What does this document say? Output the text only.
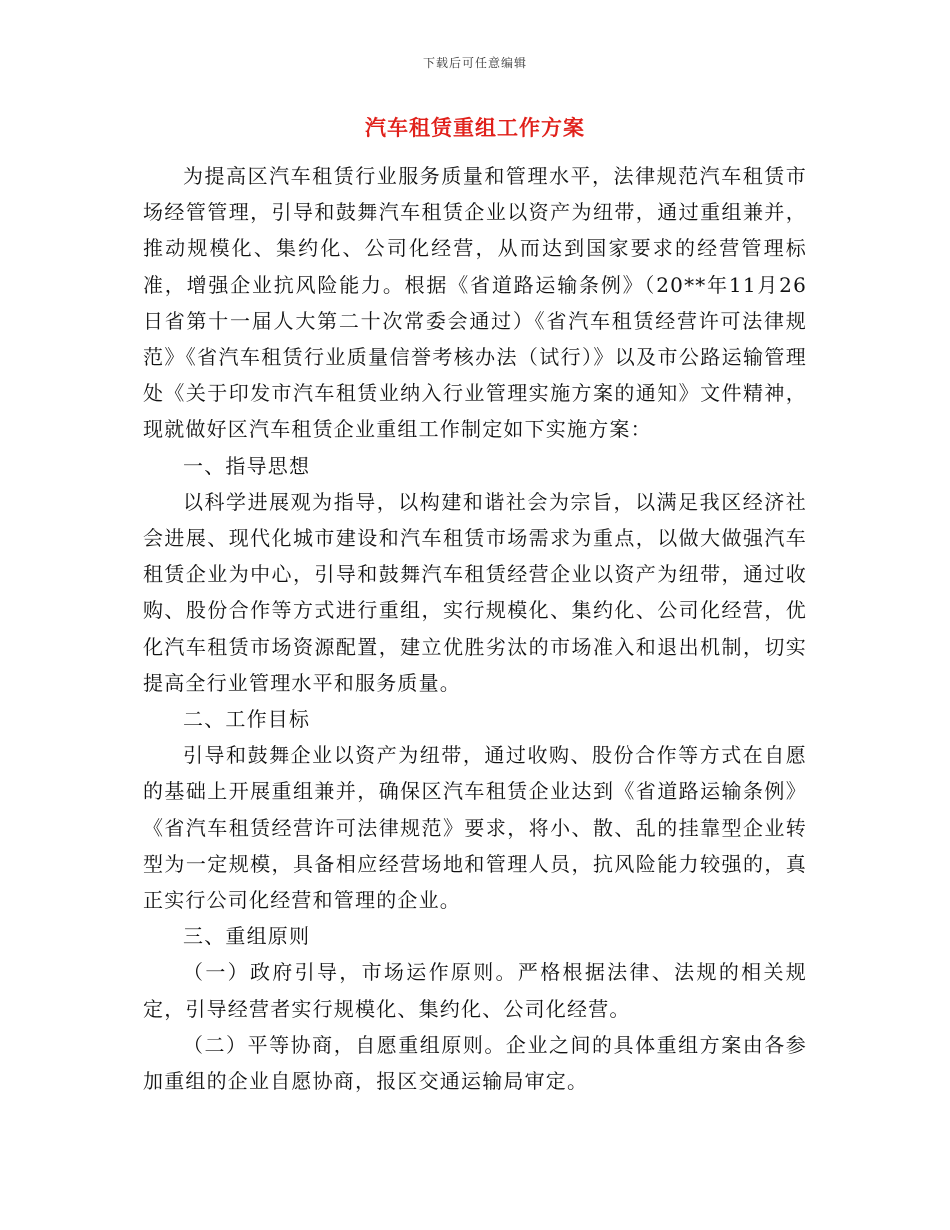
下载后可任意编辑
汽车租赁重组工作方案

为提高区汽车租赁行业服务质量和管理水平，法律规范汽车租赁市场经管管理，引导和鼓舞汽车租赁企业以资产为纽带，通过重组兼并，推动规模化、集约化、公司化经营，从而达到国家要求的经营管理标准，增强企业抗风险能力。根据《省道路运输条例》（20**年11月26日省第十一届人大第二十次常委会通过）《省汽车租赁经营许可法律规范》《省汽车租赁行业质量信誉考核办法（试行）》以及市公路运输管理处《关于印发市汽车租赁业纳入行业管理实施方案的通知》文件精神，现就做好区汽车租赁企业重组工作制定如下实施方案：

一、指导思想

以科学进展观为指导，以构建和谐社会为宗旨，以满足我区经济社会进展、现代化城市建设和汽车租赁市场需求为重点，以做大做强汽车租赁企业为中心，引导和鼓舞汽车租赁经营企业以资产为纽带，通过收购、股份合作等方式进行重组，实行规模化、集约化、公司化经营，优化汽车租赁市场资源配置，建立优胜劣汰的市场准入和退出机制，切实提高全行业管理水平和服务质量。

二、工作目标

引导和鼓舞企业以资产为纽带，通过收购、股份合作等方式在自愿的基础上开展重组兼并，确保区汽车租赁企业达到《省道路运输条例》《省汽车租赁经营许可法律规范》要求，将小、散、乱的挂靠型企业转型为一定规模，具备相应经营场地和管理人员，抗风险能力较强的，真正实行公司化经营和管理的企业。

三、重组原则

（一）政府引导，市场运作原则。严格根据法律、法规的相关规定，引导经营者实行规模化、集约化、公司化经营。

（二）平等协商，自愿重组原则。企业之间的具体重组方案由各参加重组的企业自愿协商，报区交通运输局审定。
